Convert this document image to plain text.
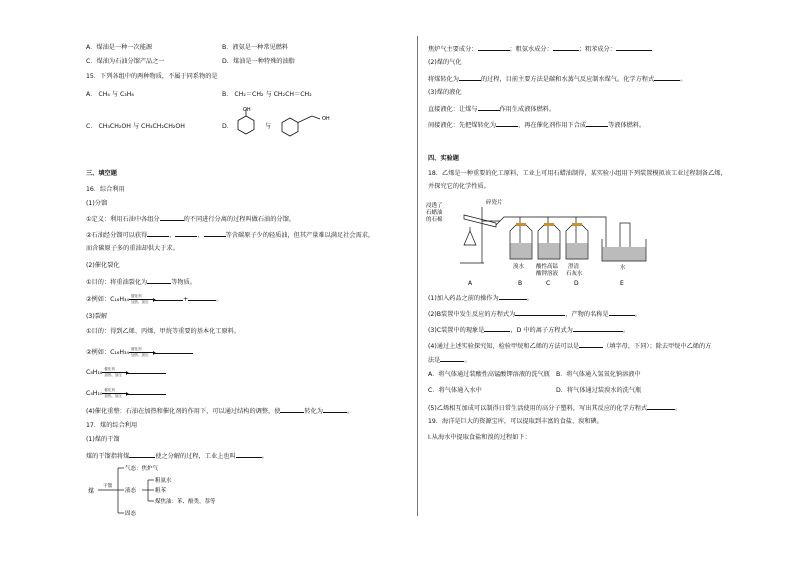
A．煤油是一种一次能源	B．液氨是一种常见燃料
C．煤油为石油分馏产品之一	D．煤油是一种特殊的油脂
15．下列各组中的两种物质，不属于同系物的是
A． CH₄ 与 C₃H₈	B． CH₂＝CH₂ 与 CH₂CH＝CH₂
C． CH₃CH₂OH 与 CH₃CH₂CH₂OH	D．
OH
与
OH
三、填空题
16．综合利用
(1)分馏
①定义：利用石油中各组分	的不同进行分离的过程叫做石油的分馏。
②石油经分馏可以获得	、	、	等含碳原子少的轻质油，但其产量难以满足社会需求，
而含碳原子多的重油却供大于求。
(2)催化裂化
①目的：将重油裂化为	等物质。
②例如：C₁₆H₃₄ 催化剂
加热、加压	+	。
(3)裂解
①目的：得到乙烯、丙烯、甲烷等重要的基本化工原料。
②例如：C₁₆H₃₄ 催化剂
加热、加压
C₈H₁₈ 催化剂
加热、加压
C₄H₁₀ 催化剂
加热、加压
(4)催化重整：石油在加热和催化剂的作用下，可以通过结构的调整，使	转化为	。
17．煤的综合利用
(1)煤的干馏
煤的干馏指将煤	使之分解的过程，工业上也叫	。
煤
干馏
气态：焦炉气
液态
粗氨水
粗苯
煤焦油：苯、酚类、萘等
固态
焦炉气主要成分：	；粗氨水成分：	；粗苯成分：
(2)煤的气化
将煤转化为	的过程，目前主要方法是碳和水蒸气反应制水煤气。化学方程式	。
(3)煤的液化
直接液化：让煤与	作用生成液体燃料。
间接液化：先把煤转化为	，再在催化剂作用下合成	等液体燃料。
四、实验题
18．乙烯是一种重要的化工原料，工业上可用石蜡油制得，某实验小组用下列装置模拟该工业过程制备乙烯，
并探究它的化学性质。
浸透了
石蜡油
的石棉
碎瓷片
溴水 酸性高锰
酸钾溶液
澄清
石灰水
水
A	B	C	D	E
(1)加入药品之前的操作为	。
(2)B装置中发生反应的方程式为	，产物的名称是	。
(3)C装置中的现象是	，D 中的离子方程式为	。
(4)通过上述实验探究知，检验甲烷和乙烯的方法可以是	（填字母，下同）；除去甲烷中乙烯的方
法是	。
A．将气体通过装酸性高锰酸钾溶液的洗气瓶 B．将气体通入氢氧化钠溶液中
C．将气体通入水中	D．将气体通过装溴水的洗气瓶
(5)乙烯相互加成可以制得日常生活使用的高分子塑料，写出其反应的化学方程式	。
19．海洋是巨大的资源宝库，可以提取到丰富的食盐、溴和碘。
I.从海水中提取食盐和溴的过程如下：
